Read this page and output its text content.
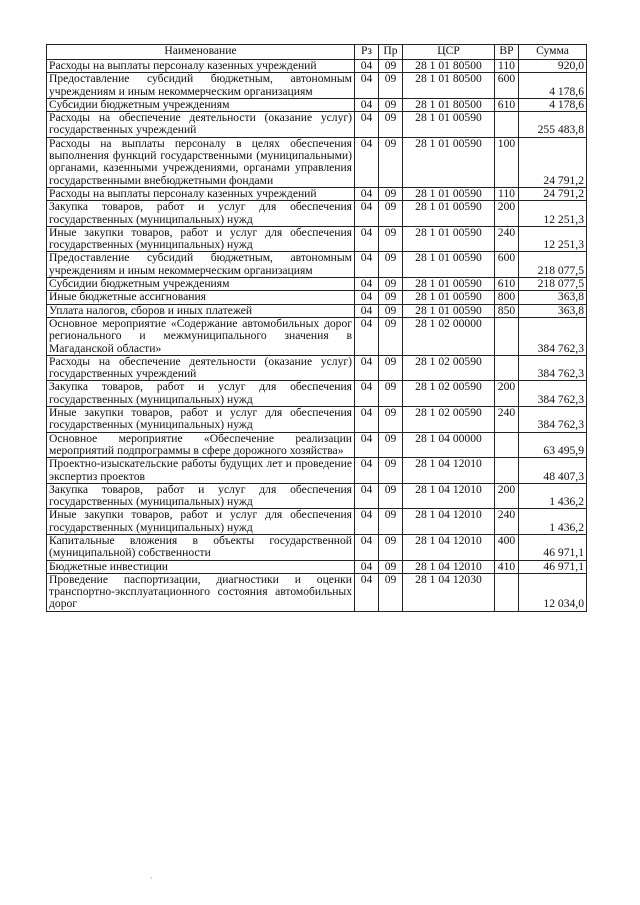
Наименование	Рз	Пр	ЦСР	ВР	Сумма
Расходы на выплаты персоналу казенных учреждений	04	09	28 1 01 80500	110	920,0
Предоставление субсидий бюджетным, автономным учреждениям и иным некоммерческим организациям	04	09	28 1 01 80500	600	4 178,6
Субсидии бюджетным учреждениям	04	09	28 1 01 80500	610	4 178,6
Расходы на обеспечение деятельности (оказание услуг) государственных учреждений	04	09	28 1 01 00590		255 483,8
Расходы на выплаты персоналу в целях обеспечения выполнения функций государственными (муниципальными) органами, казенными учреждениями, органами управления государственными внебюджетными фондами	04	09	28 1 01 00590	100	24 791,2
Расходы на выплаты персоналу казенных учреждений	04	09	28 1 01 00590	110	24 791,2
Закупка товаров, работ и услуг для обеспечения государственных (муниципальных) нужд	04	09	28 1 01 00590	200	12 251,3
Иные закупки товаров, работ и услуг для обеспечения государственных (муниципальных) нужд	04	09	28 1 01 00590	240	12 251,3
Предоставление субсидий бюджетным, автономным учреждениям и иным некоммерческим организациям	04	09	28 1 01 00590	600	218 077,5
Субсидии бюджетным учреждениям	04	09	28 1 01 00590	610	218 077,5
Иные бюджетные ассигнования	04	09	28 1 01 00590	800	363,8
Уплата налогов, сборов и иных платежей	04	09	28 1 01 00590	850	363,8
Основное мероприятие «Содержание автомобильных дорог регионального и межмуниципального значения в Магаданской области»	04	09	28 1 02 00000		384 762,3
Расходы на обеспечение деятельности (оказание услуг) государственных учреждений	04	09	28 1 02 00590		384 762,3
Закупка товаров, работ и услуг для обеспечения государственных (муниципальных) нужд	04	09	28 1 02 00590	200	384 762,3
Иные закупки товаров, работ и услуг для обеспечения государственных (муниципальных) нужд	04	09	28 1 02 00590	240	384 762,3
Основное мероприятие «Обеспечение реализации мероприятий подпрограммы в сфере дорожного хозяйства»	04	09	28 1 04 00000		63 495,9
Проектно-изыскательские работы будущих лет и проведение экспертиз проектов	04	09	28 1 04 12010		48 407,3
Закупка товаров, работ и услуг для обеспечения государственных (муниципальных) нужд	04	09	28 1 04 12010	200	1 436,2
Иные закупки товаров, работ и услуг для обеспечения государственных (муниципальных) нужд	04	09	28 1 04 12010	240	1 436,2
Капитальные вложения в объекты государственной (муниципальной) собственности	04	09	28 1 04 12010	400	46 971,1
Бюджетные инвестиции	04	09	28 1 04 12010	410	46 971,1
Проведение паспортизации, диагностики и оценки транспортно-эксплуатационного состояния автомобильных дорог	04	09	28 1 04 12030		12 034,0
·
